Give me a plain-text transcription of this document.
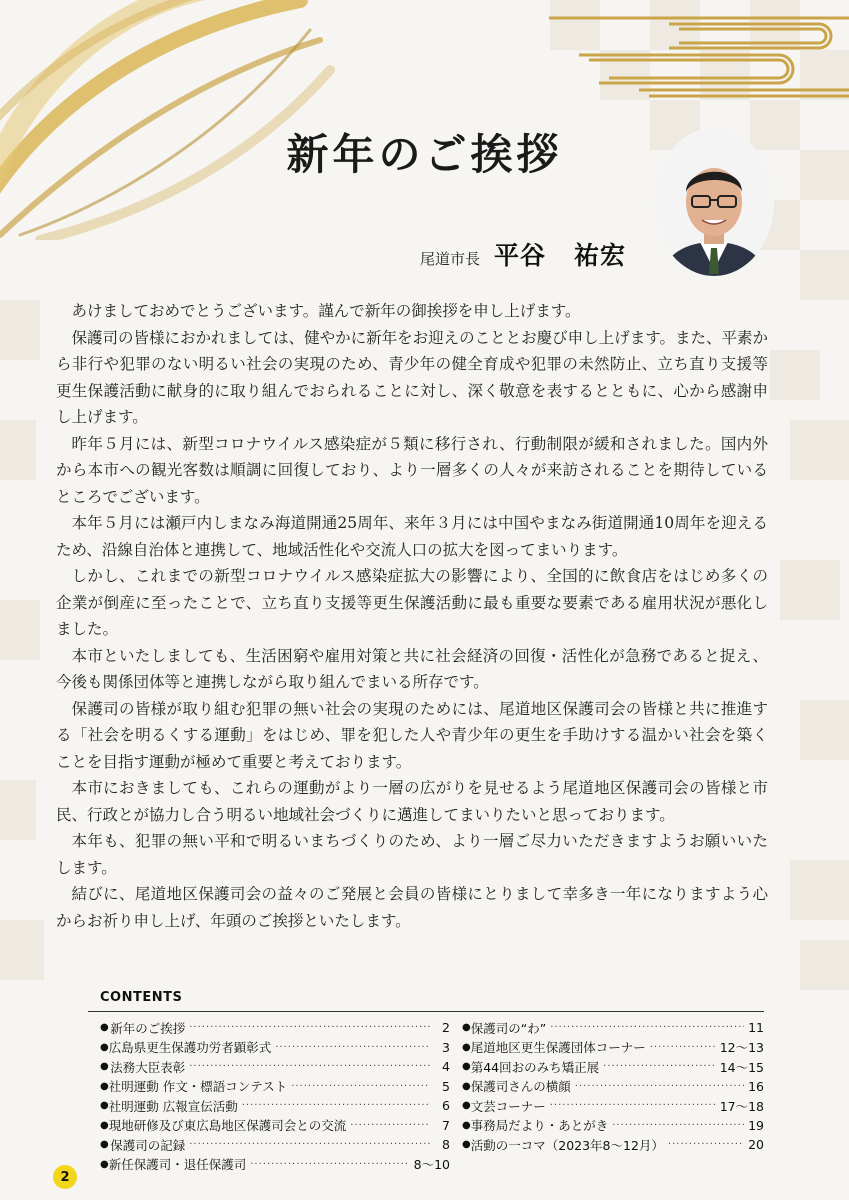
新年のご挨拶
尾道市長 平谷 祐宏

あけましておめでとうございます。謹んで新年の御挨拶を申し上げます。

保護司の皆様におかれましては、健やかに新年をお迎えのこととお慶び申し上げます。また、平素から非行や犯罪のない明るい社会の実現のため、青少年の健全育成や犯罪の未然防止、立ち直り支援等更生保護活動に献身的に取り組んでおられることに対し、深く敬意を表するとともに、心から感謝申し上げます。

昨年５月には、新型コロナウイルス感染症が５類に移行され、行動制限が緩和されました。国内外から本市への観光客数は順調に回復しており、より一層多くの人々が来訪されることを期待しているところでございます。

本年５月には瀬戸内しまなみ海道開通25周年、来年３月には中国やまなみ街道開通10周年を迎えるため、沿線自治体と連携して、地域活性化や交流人口の拡大を図ってまいります。

しかし、これまでの新型コロナウイルス感染症拡大の影響により、全国的に飲食店をはじめ多くの企業が倒産に至ったことで、立ち直り支援等更生保護活動に最も重要な要素である雇用状況が悪化しました。

本市といたしましても、生活困窮や雇用対策と共に社会経済の回復・活性化が急務であると捉え、今後も関係団体等と連携しながら取り組んでまいる所存です。

保護司の皆様が取り組む犯罪の無い社会の実現のためには、尾道地区保護司会の皆様と共に推進する「社会を明るくする運動」をはじめ、罪を犯した人や青少年の更生を手助けする温かい社会を築くことを目指す運動が極めて重要と考えております。

本市におきましても、これらの運動がより一層の広がりを見せるよう尾道地区保護司会の皆様と市民、行政とが協力し合う明るい地域社会づくりに邁進してまいりたいと思っております。

本年も、犯罪の無い平和で明るいまちづくりのため、より一層ご尽力いただきますようお願いいたします。

結びに、尾道地区保護司会の益々のご発展と会員の皆様にとりまして幸多き一年になりますよう心からお祈り申し上げ、年頭のご挨拶といたします。

CONTENTS
● 新年のご挨拶 ·····	2
● 広島県更生保護功労者顕彰式 ·····	3
● 法務大臣表彰 ·····	4
● 社明運動 作文・標語コンテスト ·····	5
● 社明運動 広報宣伝活動 ·····	6
● 現地研修及び東広島地区保護司会との交流 ·····	7
● 保護司の記録 ·····	8
● 新任保護司・退任保護司 ·····	8〜10
● 保護司の“わ” ·····	11
● 尾道地区更生保護団体コーナー ·····	12〜13
● 第44回おのみち矯正展 ·····	14〜15
● 保護司さんの横顔 ·····	16
● 文芸コーナー ·····	17〜18
● 事務局だより・あとがき ·····	19
● 活動の一コマ（2023年8〜12月） ·····	20
2
